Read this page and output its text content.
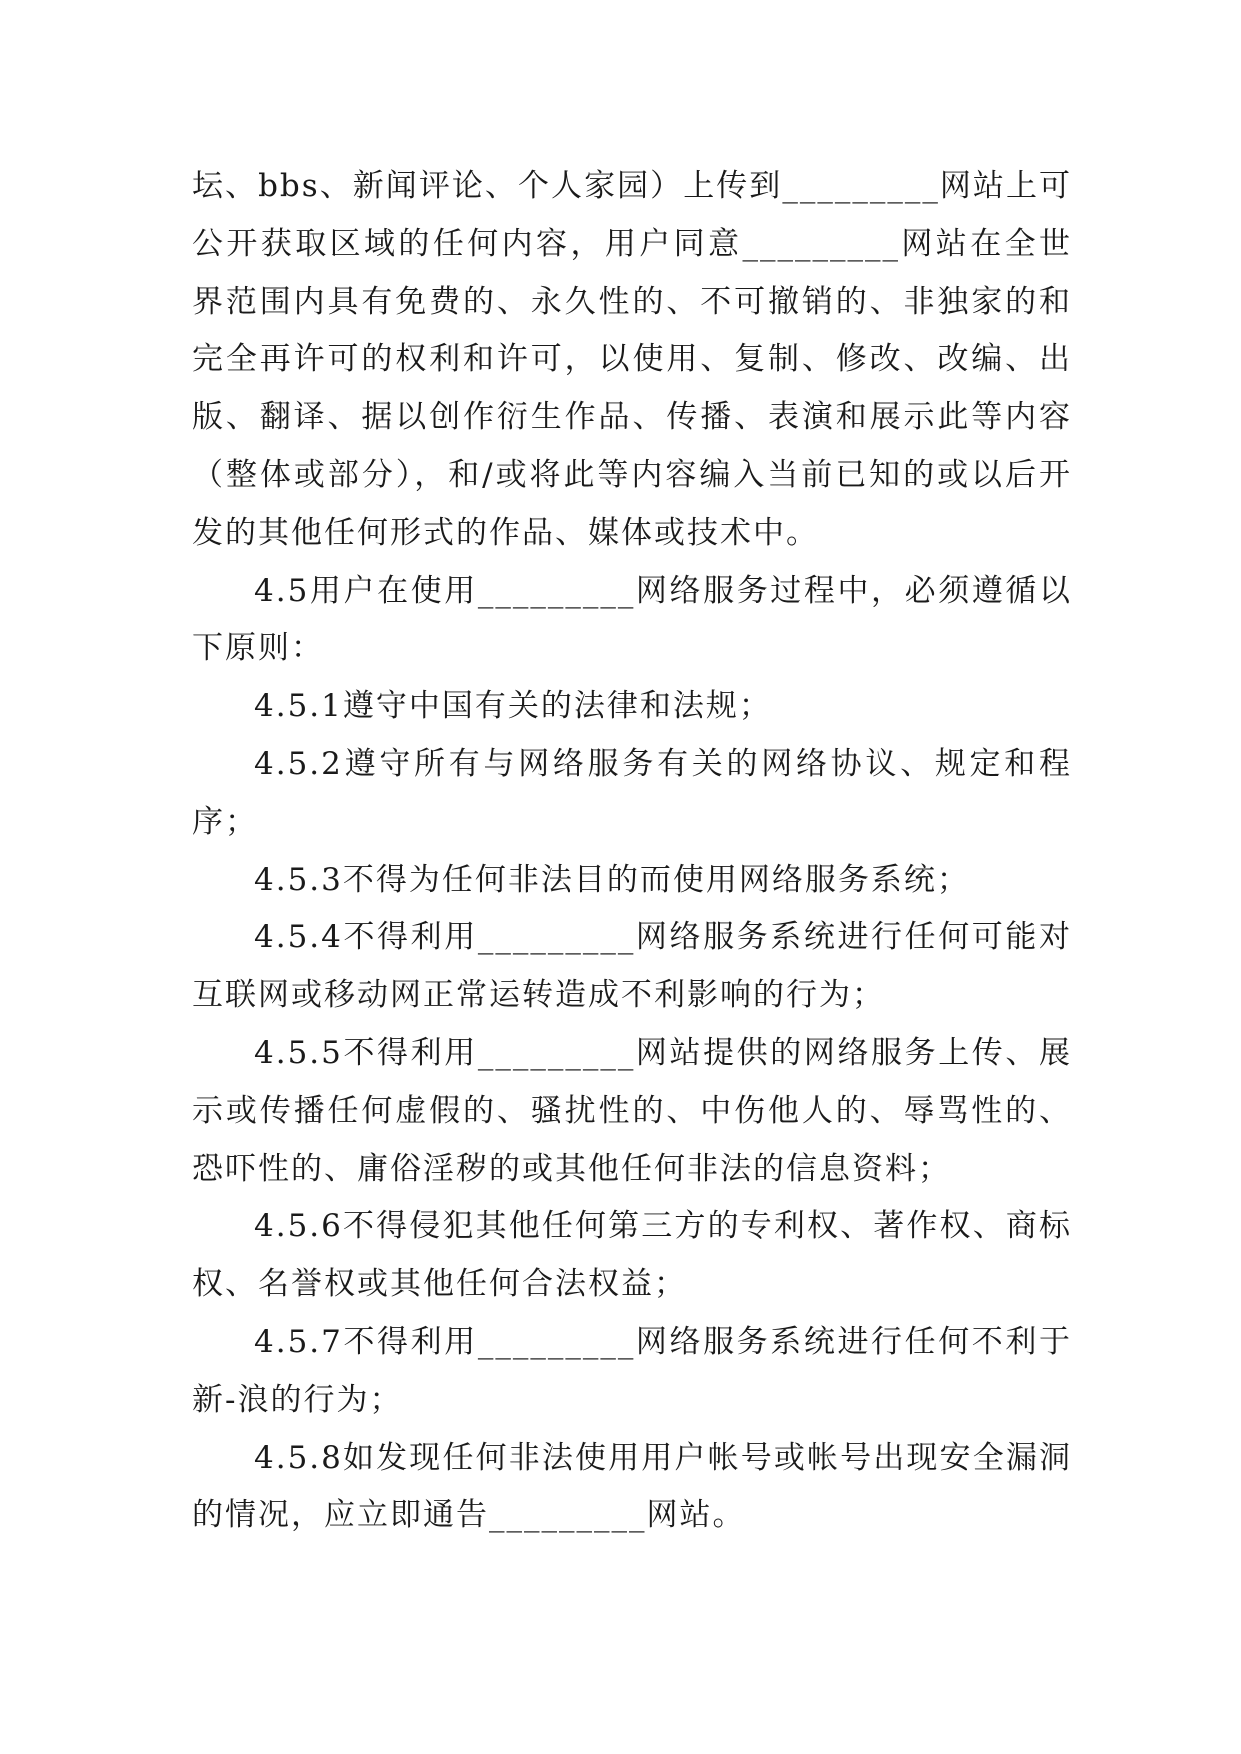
坛、bbs、新闻评论、个人家园）上传到_________网站上可公开获取区域的任何内容，用户同意_________网站在全世界范围内具有免费的、永久性的、不可撤销的、非独家的和完全再许可的权利和许可，以使用、复制、修改、改编、出版、翻译、据以创作衍生作品、传播、表演和展示此等内容（整体或部分），和/或将此等内容编入当前已知的或以后开发的其他任何形式的作品、媒体或技术中。

4.5用户在使用_________网络服务过程中，必须遵循以下原则：

4.5.1遵守中国有关的法律和法规；

4.5.2遵守所有与网络服务有关的网络协议、规定和程序；

4.5.3不得为任何非法目的而使用网络服务系统；

4.5.4不得利用_________网络服务系统进行任何可能对互联网或移动网正常运转造成不利影响的行为；

4.5.5不得利用_________网站提供的网络服务上传、展示或传播任何虚假的、骚扰性的、中伤他人的、辱骂性的、恐吓性的、庸俗淫秽的或其他任何非法的信息资料；

4.5.6不得侵犯其他任何第三方的专利权、著作权、商标权、名誉权或其他任何合法权益；

4.5.7不得利用_________网络服务系统进行任何不利于新-浪的行为；

4.5.8如发现任何非法使用用户帐号或帐号出现安全漏洞的情况，应立即通告_________网站。
